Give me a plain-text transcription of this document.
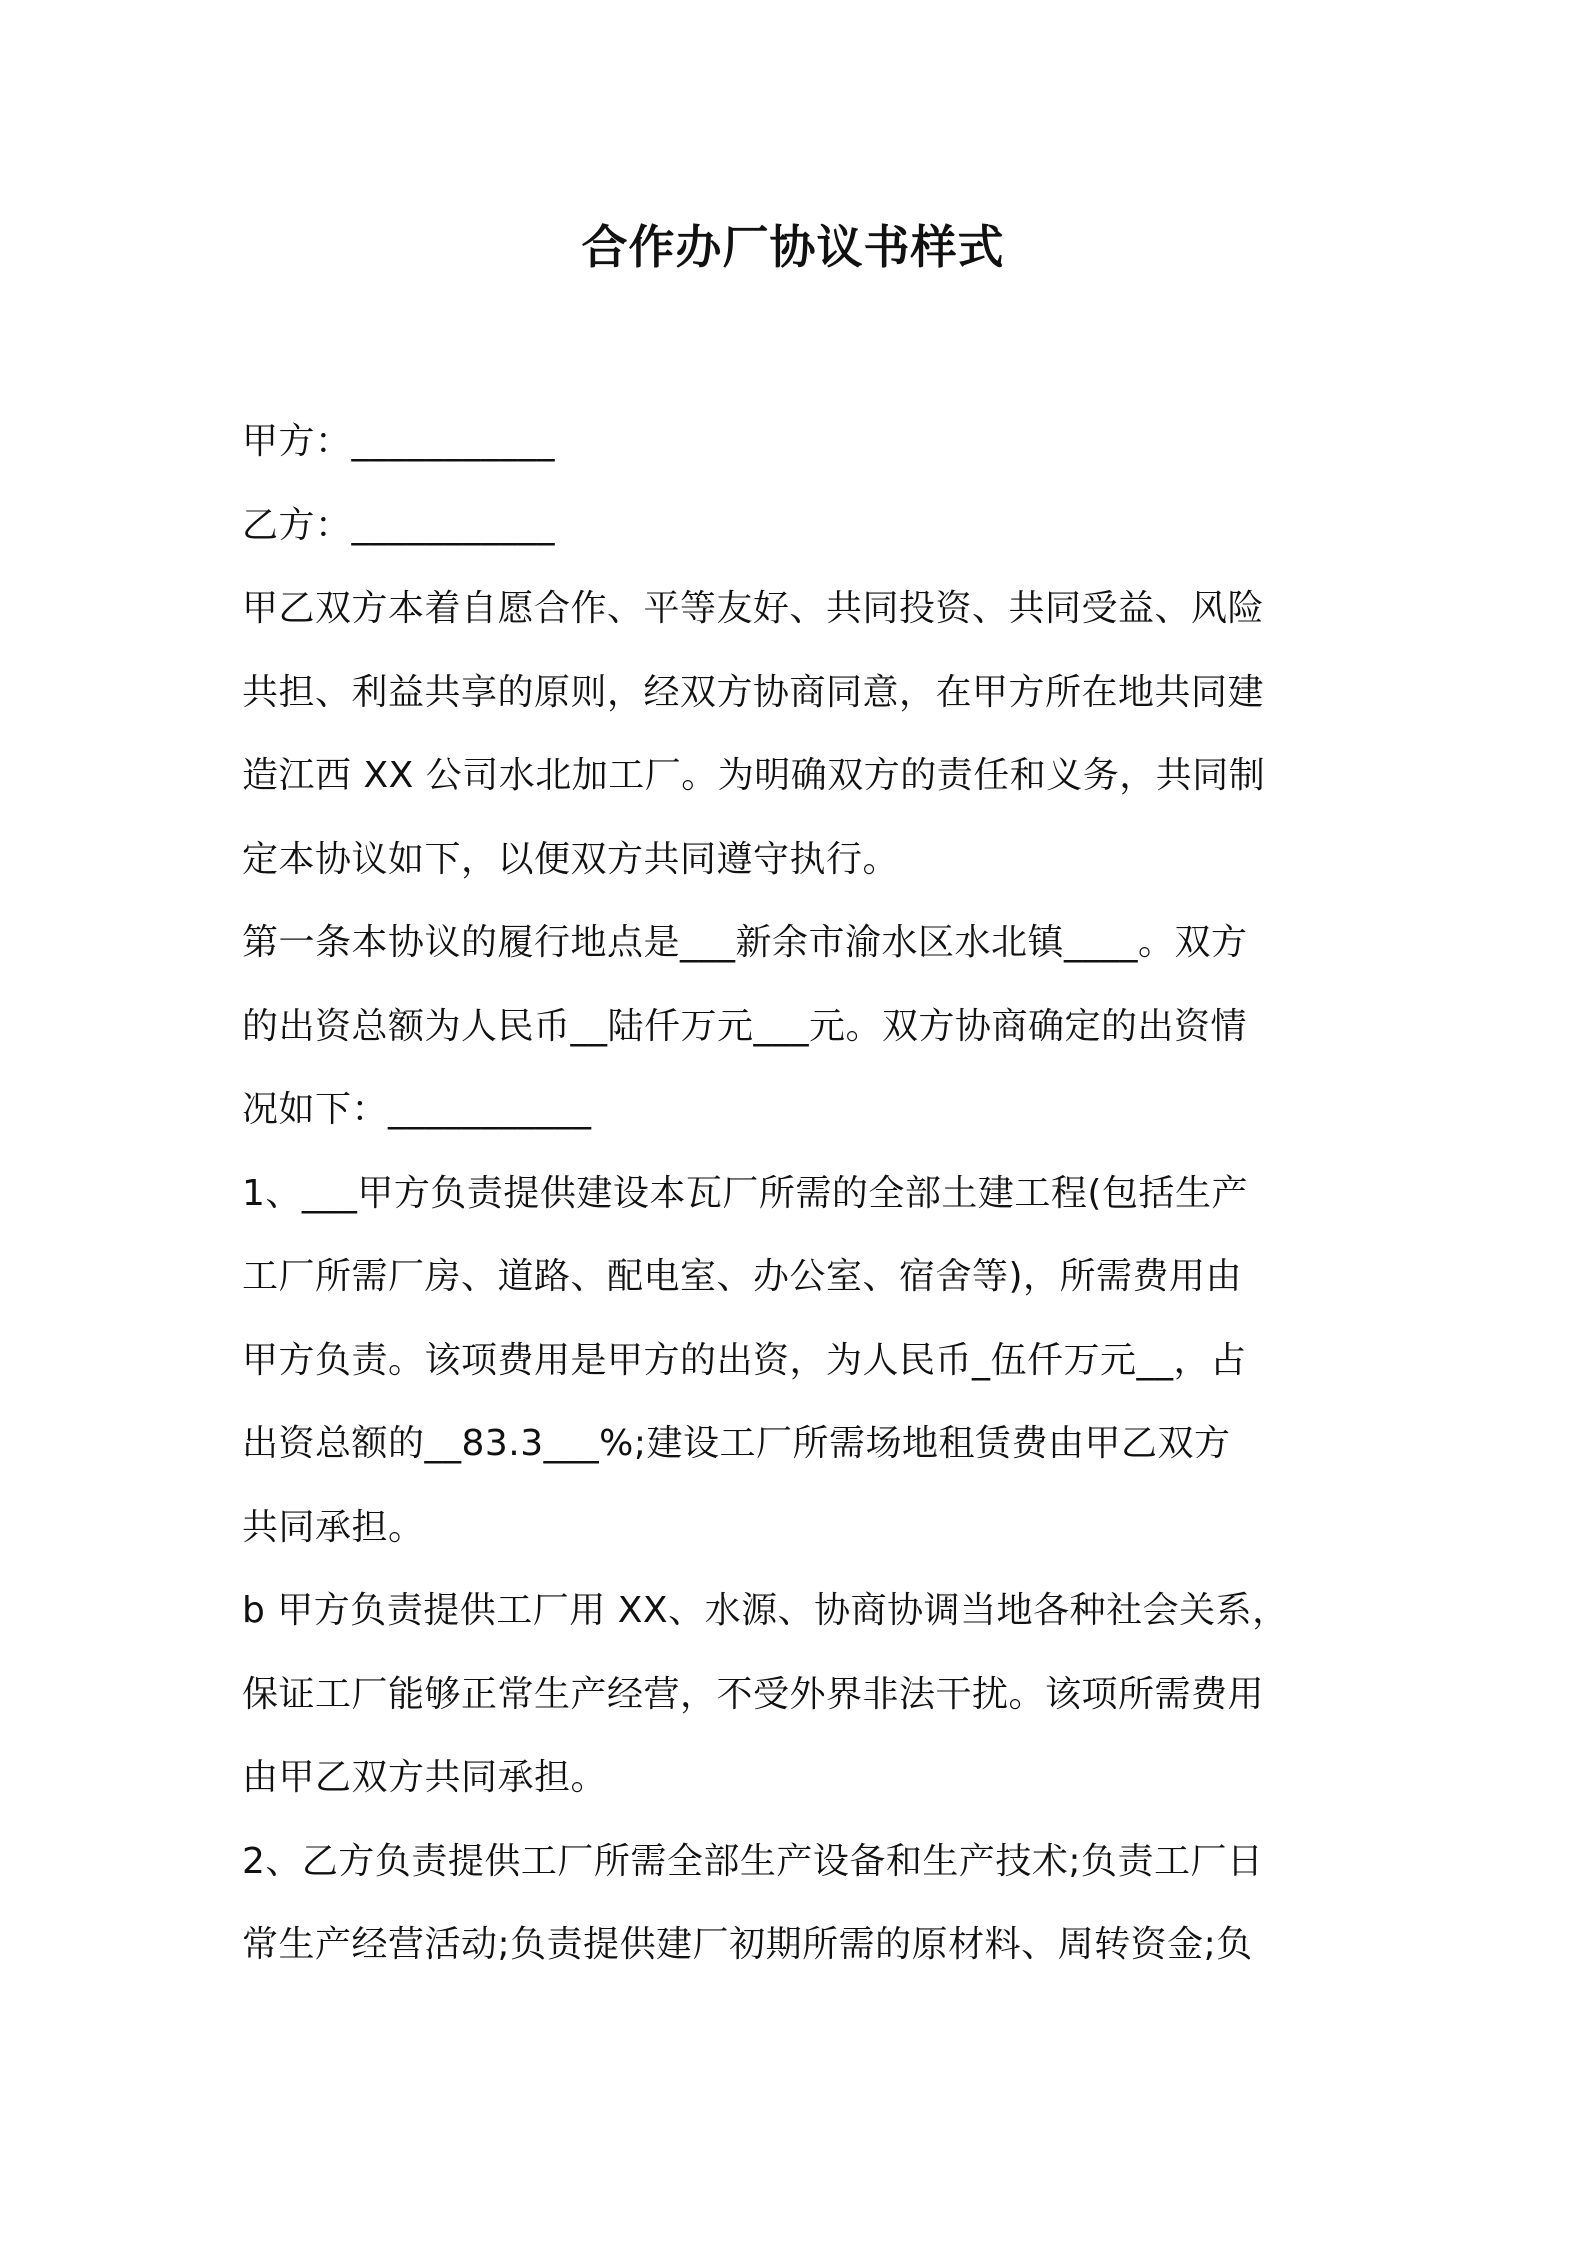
合作办厂协议书样式
甲方：___________
乙方：___________
甲乙双方本着自愿合作、平等友好、共同投资、共同受益、风险
共担、利益共享的原则，经双方协商同意，在甲方所在地共同建
造江西 XX 公司水北加工厂。为明确双方的责任和义务，共同制
定本协议如下，以便双方共同遵守执行。
第一条本协议的履行地点是___新余市渝水区水北镇____。双方
的出资总额为人民币__陆仟万元___元。双方协商确定的出资情
况如下：___________
1、___甲方负责提供建设本瓦厂所需的全部土建工程(包括生产
工厂所需厂房、道路、配电室、办公室、宿舍等)，所需费用由
甲方负责。该项费用是甲方的出资，为人民币_伍仟万元__，占
出资总额的__83.3___%;建设工厂所需场地租赁费由甲乙双方
共同承担。
b 甲方负责提供工厂用 XX、水源、协商协调当地各种社会关系，
保证工厂能够正常生产经营，不受外界非法干扰。该项所需费用
由甲乙双方共同承担。
2、乙方负责提供工厂所需全部生产设备和生产技术;负责工厂日
常生产经营活动;负责提供建厂初期所需的原材料、周转资金;负
